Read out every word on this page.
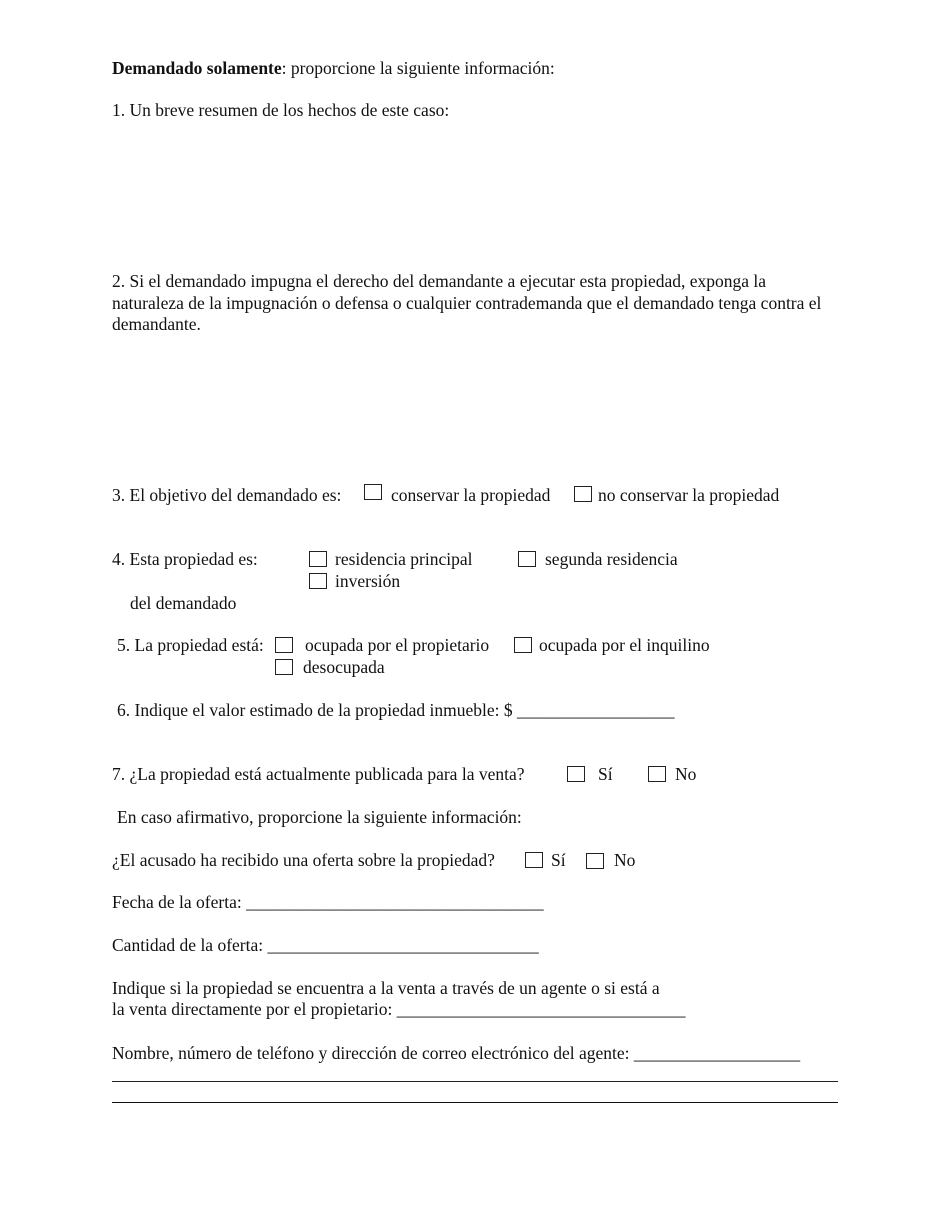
Demandado solamente: proporcione la siguiente información:
1. Un breve resumen de los hechos de este caso:
2. Si el demandado impugna el derecho del demandante a ejecutar esta propiedad, exponga la naturaleza de la impugnación o defensa o cualquier contrademanda que el demandado tenga contra el demandante.
3. El objetivo del demandado es:	conservar la propiedad	no conservar la propiedad
4. Esta propiedad es:	residencia principal	segunda residencia
inversión
del demandado
5. La propiedad está: ocupada por el propietario	ocupada por el inquilino
desocupada
6. Indique el valor estimado de la propiedad inmueble: $ __________________
7. ¿La propiedad está actualmente publicada para la venta?	Sí	No
En caso afirmativo, proporcione la siguiente información:
¿El acusado ha recibido una oferta sobre la propiedad?	Sí	No
Fecha de la oferta: __________________________________
Cantidad de la oferta: _______________________________
Indique si la propiedad se encuentra a la venta a través de un agente o si está a
la venta directamente por el propietario: _________________________________
Nombre, número de teléfono y dirección de correo electrónico del agente: ___________________
